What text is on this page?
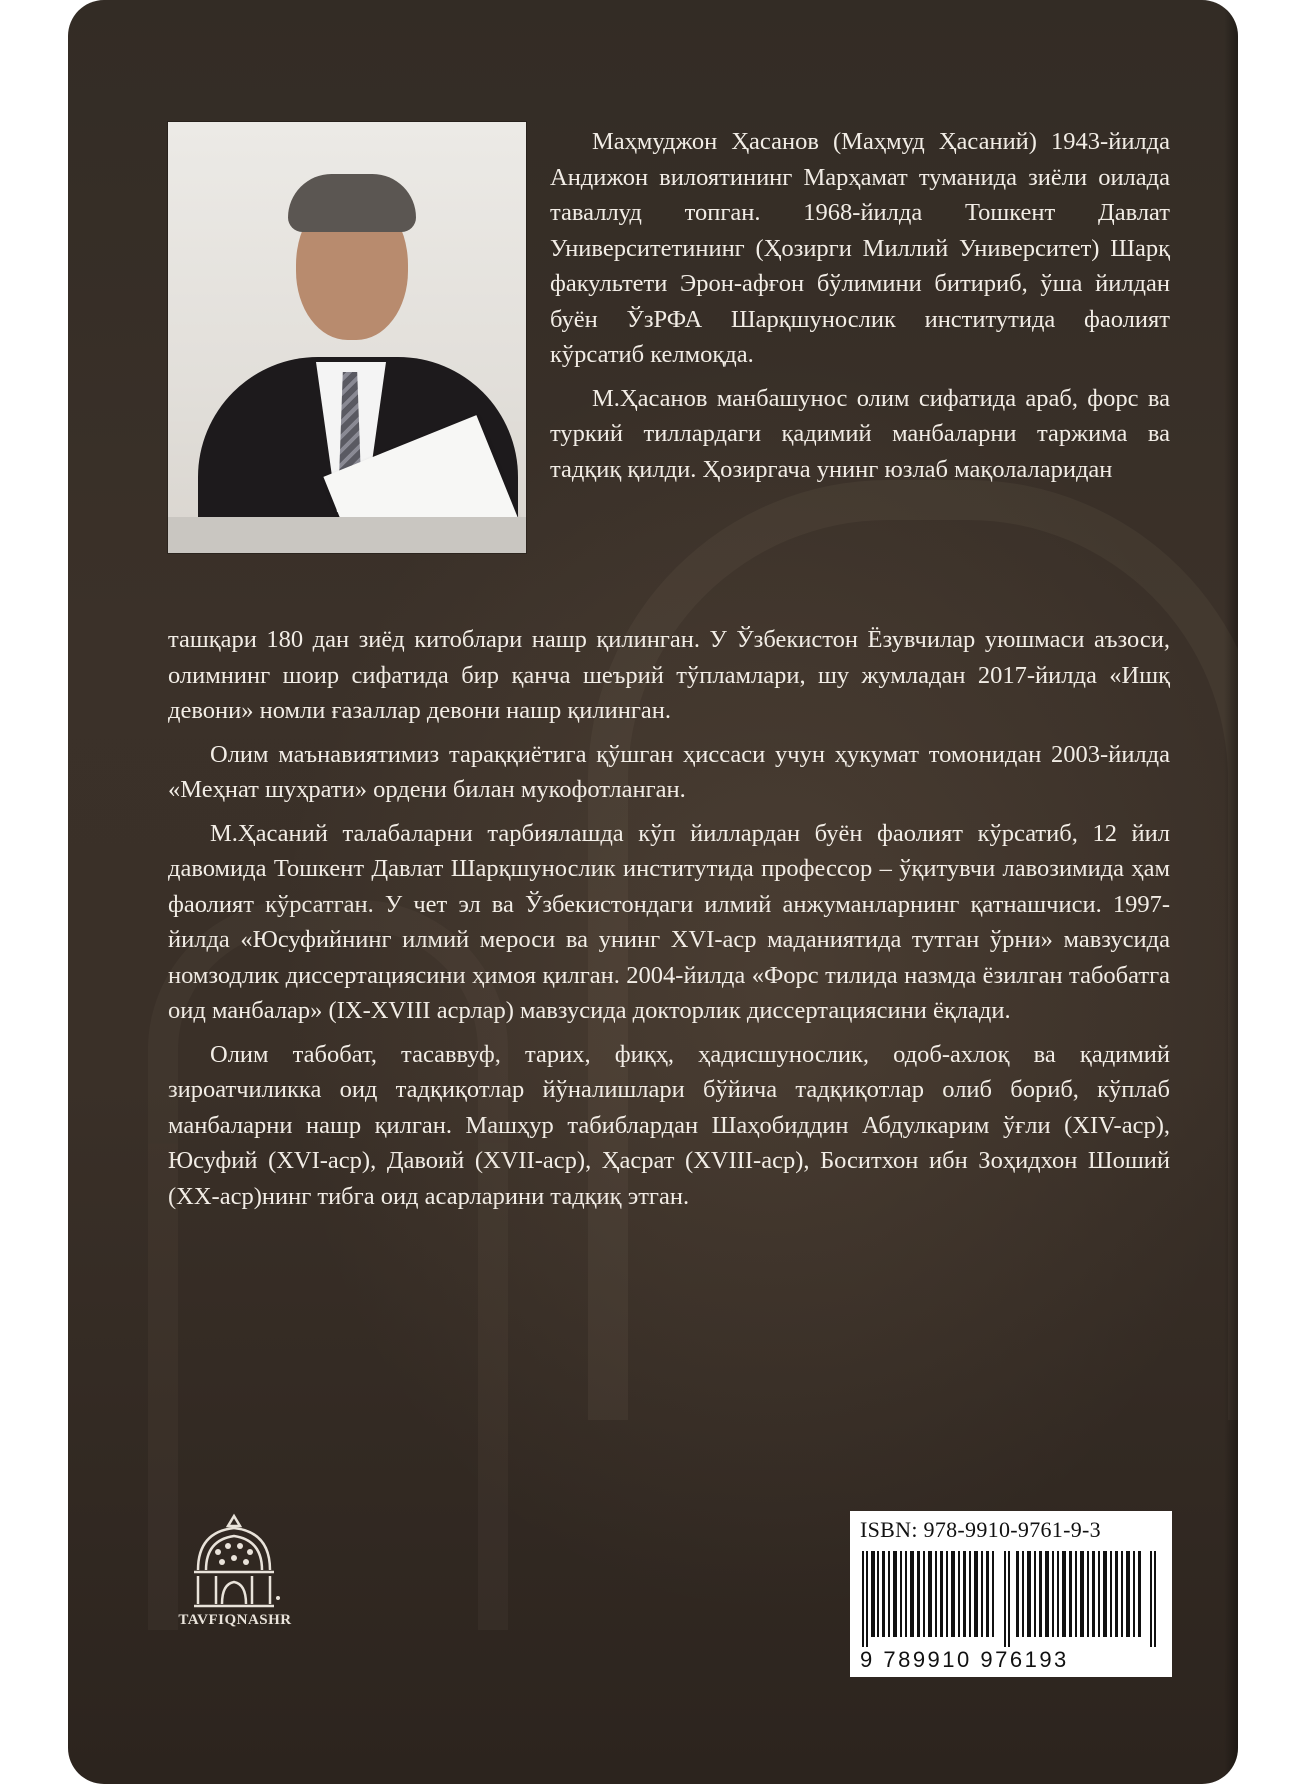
Маҳмуджон Ҳасанов (Маҳмуд Ҳасаний) 1943-йилда Андижон вилоятининг Марҳамат туманида зиёли оилада таваллуд топган. 1968-йилда Тошкент Давлат Университетининг (Ҳозирги Миллий Университет) Шарқ факультети Эрон-афғон бўлимини битириб, ўша йилдан буён ЎзРФА Шарқшунослик институтида фаолият кўрсатиб келмоқда.

М.Ҳасанов манбашунос олим сифатида араб, форс ва туркий тиллардаги қадимий манбаларни таржима ва тадқиқ қилди. Ҳозиргача унинг юзлаб мақолаларидан

ташқари 180 дан зиёд китоблари нашр қилинган. У Ўзбекистон Ёзувчилар уюшмаси аъзоси, олимнинг шоир сифатида бир қанча шеърий тўпламлари, шу жумладан 2017-йилда «Ишқ девони» номли ғазаллар девони нашр қилинган.

Олим маънавиятимиз тараққиётига қўшган ҳиссаси учун ҳукумат томонидан 2003-йилда «Меҳнат шуҳрати» ордени билан мукофотланган.

М.Ҳасаний талабаларни тарбиялашда кўп йиллардан буён фаолият кўрсатиб, 12 йил давомида Тошкент Давлат Шарқшунослик институтида профессор – ўқитувчи лавозимида ҳам фаолият кўрсатган. У чет эл ва Ўзбекистондаги илмий анжуманларнинг қатнашчиси. 1997-йилда «Юсуфийнинг илмий мероси ва унинг XVI-аср маданиятида тутган ўрни» мавзусида номзодлик диссертациясини ҳимоя қилган. 2004-йилда «Форс тилида назмда ёзилган табобатга оид манбалар» (IX-XVIII асрлар) мавзусида докторлик диссертациясини ёқлади.

Олим табобат, тасаввуф, тарих, фиқҳ, ҳадисшунослик, одоб-ахлоқ ва қадимий зироатчиликка оид тадқиқотлар йўналишлари бўйича тадқиқотлар олиб бориб, кўплаб манбаларни нашр қилган. Машҳур табиблардан Шаҳобиддин Абдулкарим ўғли (XIV-аср), Юсуфий (XVI-аср), Давоий (XVII-аср), Ҳасрат (XVIII-аср), Боситхон ибн Зоҳидхон Шоший (XX-аср)нинг тибга оид асарларини тадқиқ этган.

TAVFIQNASHR
ISBN: 978-9910-9761-9-3
9 789910 976193
